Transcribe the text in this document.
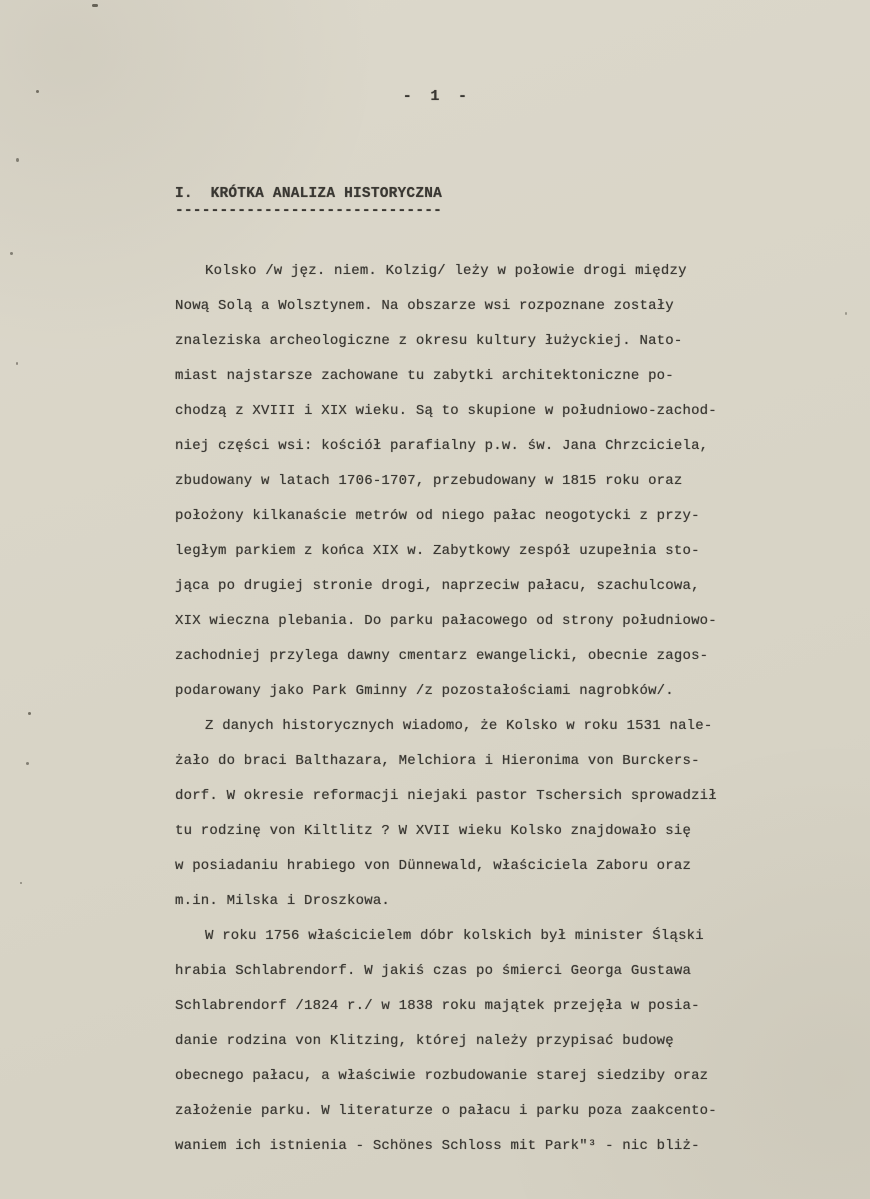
-  1  -
I.  KRÓTKA ANALIZA HISTORYCZNA
------------------------------
Kolsko /w jęz. niem. Kolzig/ leży w połowie drogi między
Nową Solą a Wolsztynem. Na obszarze wsi rozpoznane zostały
znaleziska archeologiczne z okresu kultury łużyckiej. Nato-
miast najstarsze zachowane tu zabytki architektoniczne po-
chodzą z XVIII i XIX wieku. Są to skupione w południowo-zachod-
niej części wsi: kościół parafialny p.w. św. Jana Chrzciciela,
zbudowany w latach 1706-1707, przebudowany w 1815 roku oraz
położony kilkanaście metrów od niego pałac neogotycki z przy-
ległym parkiem z końca XIX w. Zabytkowy zespół uzupełnia sto-
jąca po drugiej stronie drogi, naprzeciw pałacu, szachulcowa,
XIX wieczna plebania. Do parku pałacowego od strony południowo-
zachodniej przylega dawny cmentarz ewangelicki, obecnie zagos-
podarowany jako Park Gminny /z pozostałościami nagrobków/.
Z danych historycznych wiadomo, że Kolsko w roku 1531 nale-
żało do braci Balthazara, Melchiora i Hieronima von Burckers-
dorf. W okresie reformacji niejaki pastor Tschersich sprowadził
tu rodzinę von Kiltlitz ? W XVII wieku Kolsko znajdowało się
w posiadaniu hrabiego von Dünnewald, właściciela Zaboru oraz
m.in. Milska i Droszkowa.
W roku 1756 właścicielem dóbr kolskich był minister Śląski
hrabia Schlabrendorf. W jakiś czas po śmierci Georga Gustawa
Schlabrendorf /1824 r./ w 1838 roku majątek przejęła w posia-
danie rodzina von Klitzing, której należy przypisać budowę
obecnego pałacu, a właściwie rozbudowanie starej siedziby oraz
założenie parku. W literaturze o pałacu i parku poza zaakcento-
waniem ich istnienia - Schönes Schloss mit Park"³ - nic bliż-
